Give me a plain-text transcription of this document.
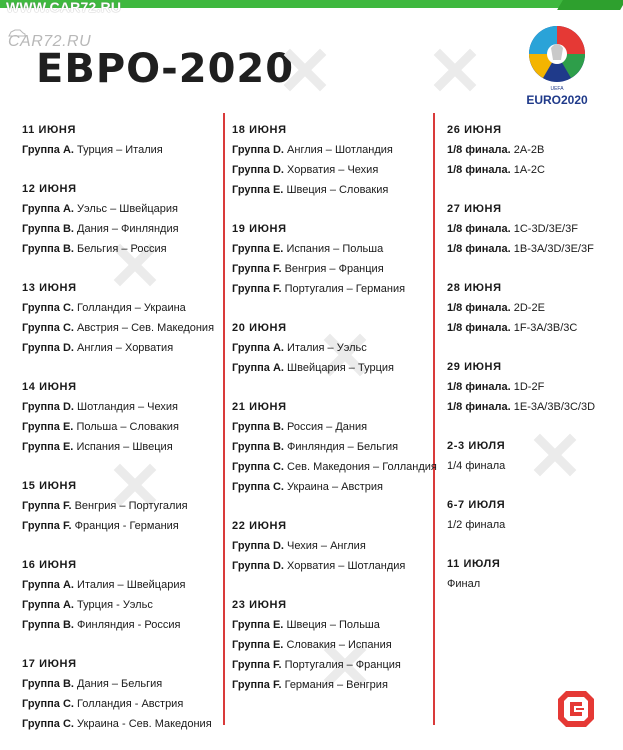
WWW.CAR72.RU
CAR72.RU
ЕВРО-2020	UEFA
EURO2020
11 ИЮНЯ
Группа А. Турция – Италия
12 ИЮНЯ
Группа А. Уэльс – Швейцария
Группа В. Дания – Финляндия
Группа В. Бельгия – Россия
13 ИЮНЯ
Группа С. Голландия – Украина
Группа С. Австрия – Сев. Македония
Группа D. Англия – Хорватия
14 ИЮНЯ
Группа D. Шотландия – Чехия
Группа E. Польша – Словакия
Группа E. Испания – Швеция
15 ИЮНЯ
Группа F. Венгрия – Португалия
Группа F. Франция - Германия
16 ИЮНЯ
Группа А. Италия – Швейцария
Группа А. Турция - Уэльс
Группа В. Финляндия - Россия
17 ИЮНЯ
Группа В. Дания – Бельгия
Группа С. Голландия - Австрия
Группа С. Украина - Сев. Македония
18 ИЮНЯ
Группа D. Англия – Шотландия
Группа D. Хорватия – Чехия
Группа E. Швеция – Словакия
19 ИЮНЯ
Группа E. Испания – Польша
Группа F. Венгрия – Франция
Группа F. Португалия – Германия
20 ИЮНЯ
Группа А. Италия – Уэльс
Группа А. Швейцария – Турция
21 ИЮНЯ
Группа В. Россия – Дания
Группа В. Финляндия – Бельгия
Группа С. Сев. Македония – Голландия
Группа С. Украина – Австрия
22 ИЮНЯ
Группа D. Чехия – Англия
Группа D. Хорватия – Шотландия
23 ИЮНЯ
Группа E. Швеция – Польша
Группа E. Словакия – Испания
Группа F. Португалия – Франция
Группа F. Германия – Венгрия
26 ИЮНЯ
1/8 финала. 2A-2B
1/8 финала. 1A-2C
27 ИЮНЯ
1/8 финала. 1C-3D/3E/3F
1/8 финала. 1B-3A/3D/3E/3F
28 ИЮНЯ
1/8 финала. 2D-2E
1/8 финала. 1F-3A/3B/3C
29 ИЮНЯ
1/8 финала. 1D-2F
1/8 финала. 1E-3A/3B/3C/3D
2-3 ИЮЛЯ
1/4 финала
6-7 ИЮЛЯ
1/2 финала
11 ИЮЛЯ
Финал
